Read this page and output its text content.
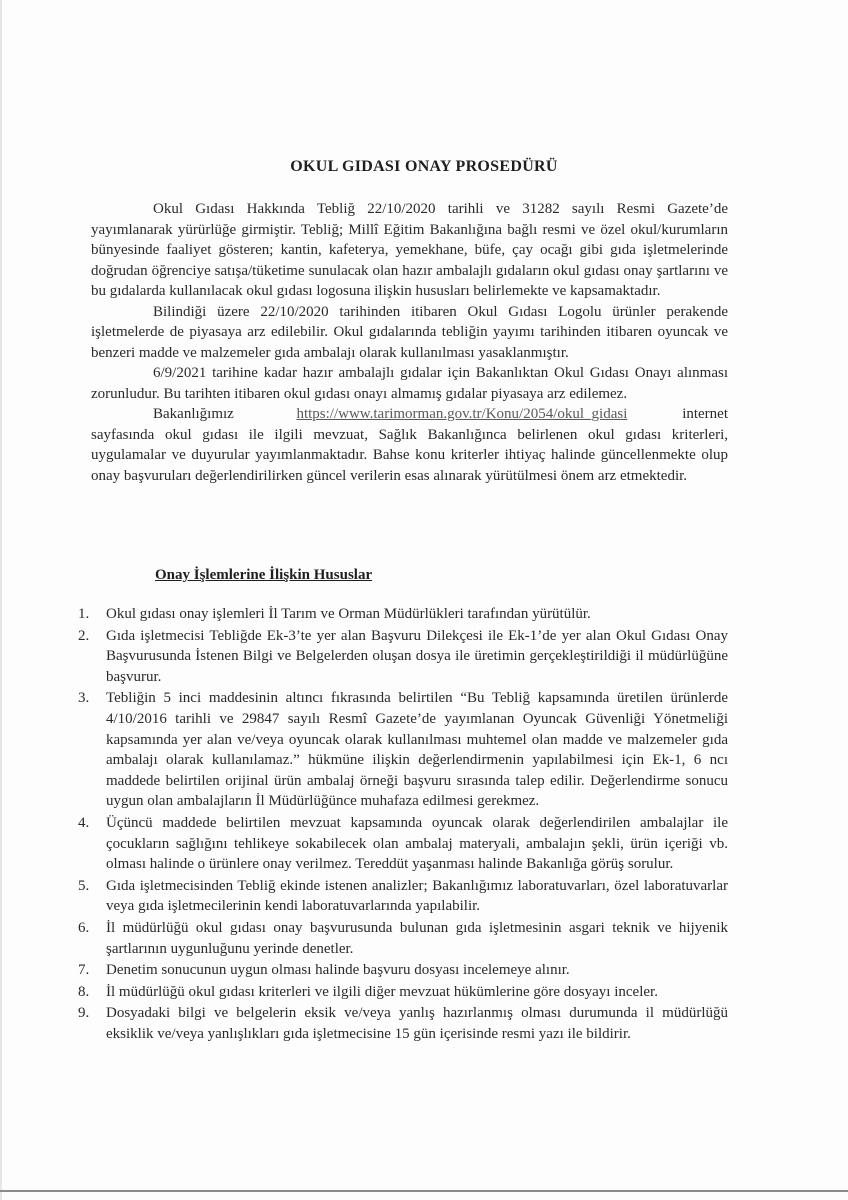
OKUL GIDASI ONAY PROSEDÜRÜ

Okul Gıdası Hakkında Tebliğ 22/10/2020 tarihli ve 31282 sayılı Resmi Gazete’de yayımlanarak yürürlüğe girmiştir. Tebliğ; Millî Eğitim Bakanlığına bağlı resmi ve özel okul/kurumların bünyesinde faaliyet gösteren; kantin, kafeterya, yemekhane, büfe, çay ocağı gibi gıda işletmelerinde doğrudan öğrenciye satışa/tüketime sunulacak olan hazır ambalajlı gıdaların okul gıdası onay şartlarını ve bu gıdalarda kullanılacak okul gıdası logosuna ilişkin hususları belirlemekte ve kapsamaktadır.

Bilindiği üzere 22/10/2020 tarihinden itibaren Okul Gıdası Logolu ürünler perakende işletmelerde de piyasaya arz edilebilir. Okul gıdalarında tebliğin yayımı tarihinden itibaren oyuncak ve benzeri madde ve malzemeler gıda ambalajı olarak kullanılması yasaklanmıştır.

6/9/2021 tarihine kadar hazır ambalajlı gıdalar için Bakanlıktan Okul Gıdası Onayı alınması zorunludur. Bu tarihten itibaren okul gıdası onayı almamış gıdalar piyasaya arz edilemez.

Bakanlığımız	https://www.tarimorman.gov.tr/Konu/2054/okul_gidasi	internet sayfasında okul gıdası ile ilgili mevzuat, Sağlık Bakanlığınca belirlenen okul gıdası kriterleri, uygulamalar ve duyurular yayımlanmaktadır. Bahse konu kriterler ihtiyaç halinde güncellenmekte olup onay başvuruları değerlendirilirken güncel verilerin esas alınarak yürütülmesi önem arz etmektedir.

Onay İşlemlerine İlişkin Hususlar
1.	Okul gıdası onay işlemleri İl Tarım ve Orman Müdürlükleri tarafından yürütülür.
2.	Gıda işletmecisi Tebliğde Ek-3’te yer alan Başvuru Dilekçesi ile Ek-1’de yer alan Okul Gıdası Onay Başvurusunda İstenen Bilgi ve Belgelerden oluşan dosya ile üretimin gerçekleştirildiği il müdürlüğüne başvurur.
3.	Tebliğin 5 inci maddesinin altıncı fıkrasında belirtilen “Bu Tebliğ kapsamında üretilen ürünlerde 4/10/2016 tarihli ve 29847 sayılı Resmî Gazete’de yayımlanan Oyuncak Güvenliği Yönetmeliği kapsamında yer alan ve/veya oyuncak olarak kullanılması muhtemel olan madde ve malzemeler gıda ambalajı olarak kullanılamaz.” hükmüne ilişkin değerlendirmenin yapılabilmesi için Ek-1, 6 ncı maddede belirtilen orijinal ürün ambalaj örneği başvuru sırasında talep edilir. Değerlendirme sonucu uygun olan ambalajların İl Müdürlüğünce muhafaza edilmesi gerekmez.
4.	Üçüncü maddede belirtilen mevzuat kapsamında oyuncak olarak değerlendirilen ambalajlar ile çocukların sağlığını tehlikeye sokabilecek olan ambalaj materyali, ambalajın şekli, ürün içeriği vb. olması halinde o ürünlere onay verilmez. Tereddüt yaşanması halinde Bakanlığa görüş sorulur.
5.	Gıda işletmecisinden Tebliğ ekinde istenen analizler; Bakanlığımız laboratuvarları, özel laboratuvarlar veya gıda işletmecilerinin kendi laboratuvarlarında yapılabilir.
6.	İl müdürlüğü okul gıdası onay başvurusunda bulunan gıda işletmesinin asgari teknik ve hijyenik şartlarının uygunluğunu yerinde denetler.
7.	Denetim sonucunun uygun olması halinde başvuru dosyası incelemeye alınır.
8.	İl müdürlüğü okul gıdası kriterleri ve ilgili diğer mevzuat hükümlerine göre dosyayı inceler.
9.	Dosyadaki bilgi ve belgelerin eksik ve/veya yanlış hazırlanmış olması durumunda il müdürlüğü eksiklik ve/veya yanlışlıkları gıda işletmecisine 15 gün içerisinde resmi yazı ile bildirir.
